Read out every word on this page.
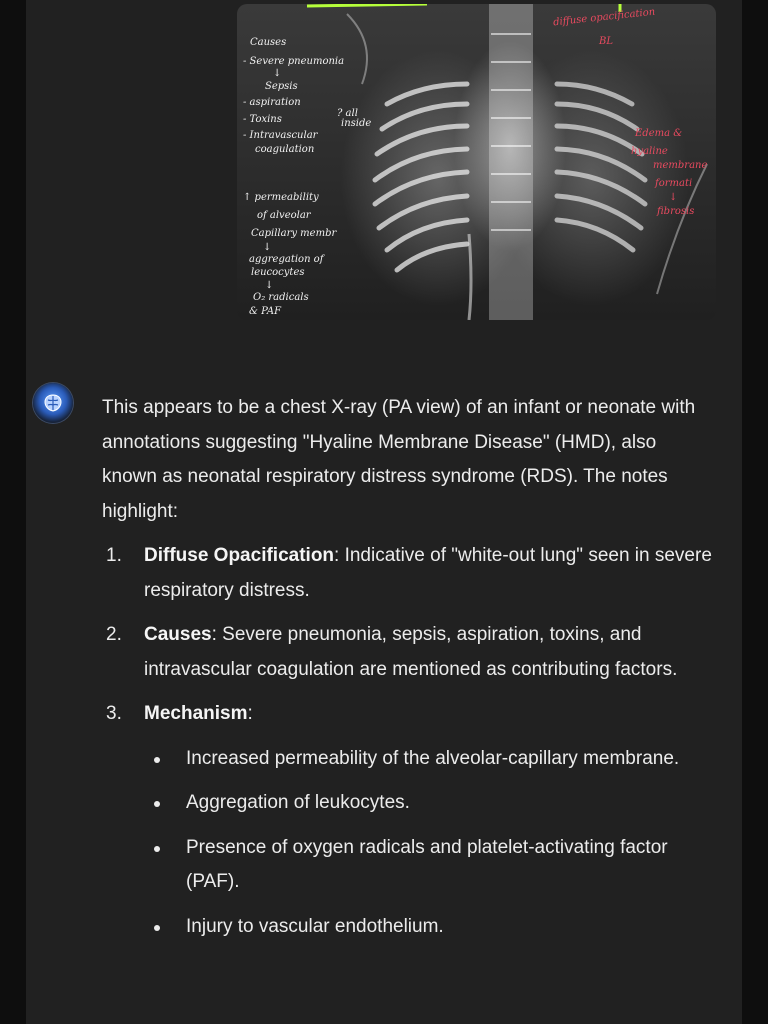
Causes
- Severe pneumonia
↓
Sepsis
- aspiration
- Toxins
- Intravascular
coagulation
? all
inside
↑ permeability
of alveolar
Capillary membr
↓
aggregation of
leucocytes
↓
O₂ radicals
& PAF
diffuse opacification
BL
Edema &
hyaline
membrane
formati
↓
fibrosis

This appears to be a chest X-ray (PA view) of an infant or neonate with annotations suggesting "Hyaline Membrane Disease" (HMD), also known as neonatal respiratory distress syndrome (RDS). The notes highlight:

1. Diffuse Opacification: Indicative of "white-out lung" seen in severe respiratory distress.
2. Causes: Severe pneumonia, sepsis, aspiration, toxins, and intravascular coagulation are mentioned as contributing factors.
3. Mechanism:
Increased permeability of the alveolar-capillary membrane.
Aggregation of leukocytes.
Presence of oxygen radicals and platelet-activating factor (PAF).
Injury to vascular endothelium.
